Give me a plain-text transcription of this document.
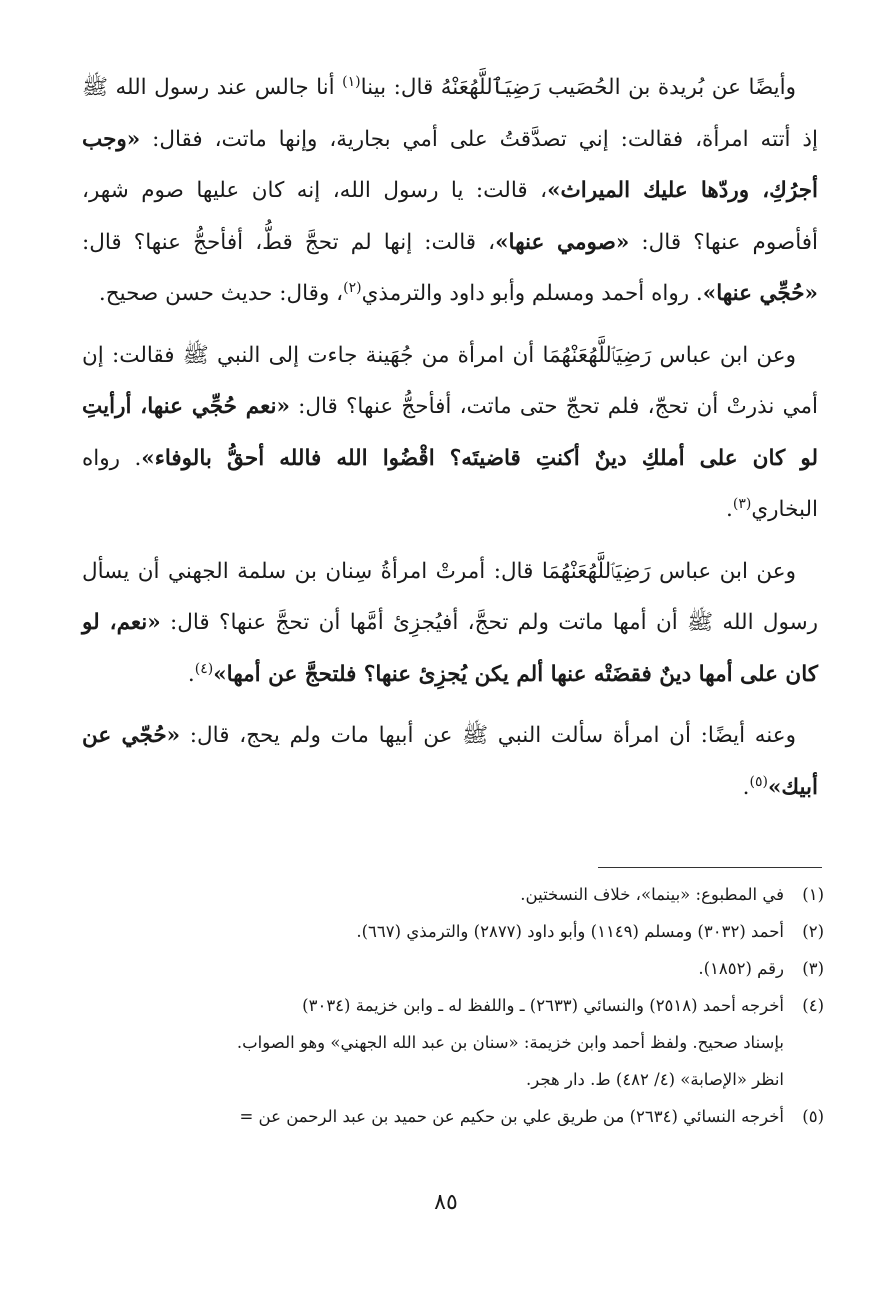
وأيضًا عن بُريدة بن الحُصَيب رَضِيَٱللَّهُعَنْهُ قال: بينا$^{(١)}$ أنا جالس عند رسول الله ﷺ إذ أتته امرأة، فقالت: إني تصدَّقتُ على أمي بجارية، وإنها ماتت، فقال: «وجب أجرُكِ، وردّها عليك الميراث»، قالت: يا رسول الله، إنه كان عليها صوم شهر، أفأصوم عنها؟ قال: «صومي عنها»، قالت: إنها لم تحجَّ قطُّ، أفأحجُّ عنها؟ قال: «حُجِّي عنها». رواه أحمد ومسلم وأبو داود والترمذي$^{(٢)}$، وقال: حديث حسن صحيح.

وعن ابن عباس رَضِيَٱللَّهُعَنْهُمَا أن امرأة من جُهَينة جاءت إلى النبي ﷺ فقالت: إن أمي نذرتْ أن تحجّ، فلم تحجّ حتى ماتت، أفأحجُّ عنها؟ قال: «نعم حُجِّي عنها، أرأيتِ لو كان على أملكِ دينٌ أكنتِ قاضيتَه؟ اقْضُوا الله فالله أحقُّ بالوفاء». رواه البخاري$^{(٣)}$.

وعن ابن عباس رَضِيَٱللَّهُعَنْهُمَا قال: أمرتْ امرأةُ سِنان بن سلمة الجهني أن يسأل رسول الله ﷺ أن أمها ماتت ولم تحجَّ، أفيُجزِئ أمَّها أن تحجَّ عنها؟ قال: «نعم، لو كان على أمها دينٌ فقضَتْه عنها ألم يكن يُجزِئ عنها؟ فلتحجَّ عن أمها»$^{(٤)}$.

وعنه أيضًا: أن امرأة سألت النبي ﷺ عن أبيها مات ولم يحج، قال: «حُجّي عن أبيك»$^{(٥)}$.

(١)
في المطبوع: «بينما»، خلاف النسختين.
(٢)
أحمد (٣٠٣٢) ومسلم (١١٤٩) وأبو داود (٢٨٧٧) والترمذي (٦٦٧).
(٣)
رقم (١٨٥٢).
(٤)
أخرجه أحمد (٢٥١٨) والنسائي (٢٦٣٣) ـ واللفظ له ـ وابن خزيمة (٣٠٣٤)
بإسناد صحيح. ولفظ أحمد وابن خزيمة: «سنان بن عبد الله الجهني» وهو الصواب.
انظر «الإصابة» (٤/ ٤٨٢) ط. دار هجر.
(٥)
أخرجه النسائي (٢٦٣٤) من طريق علي بن حكيم عن حميد بن عبد الرحمن عن =
٨٥
